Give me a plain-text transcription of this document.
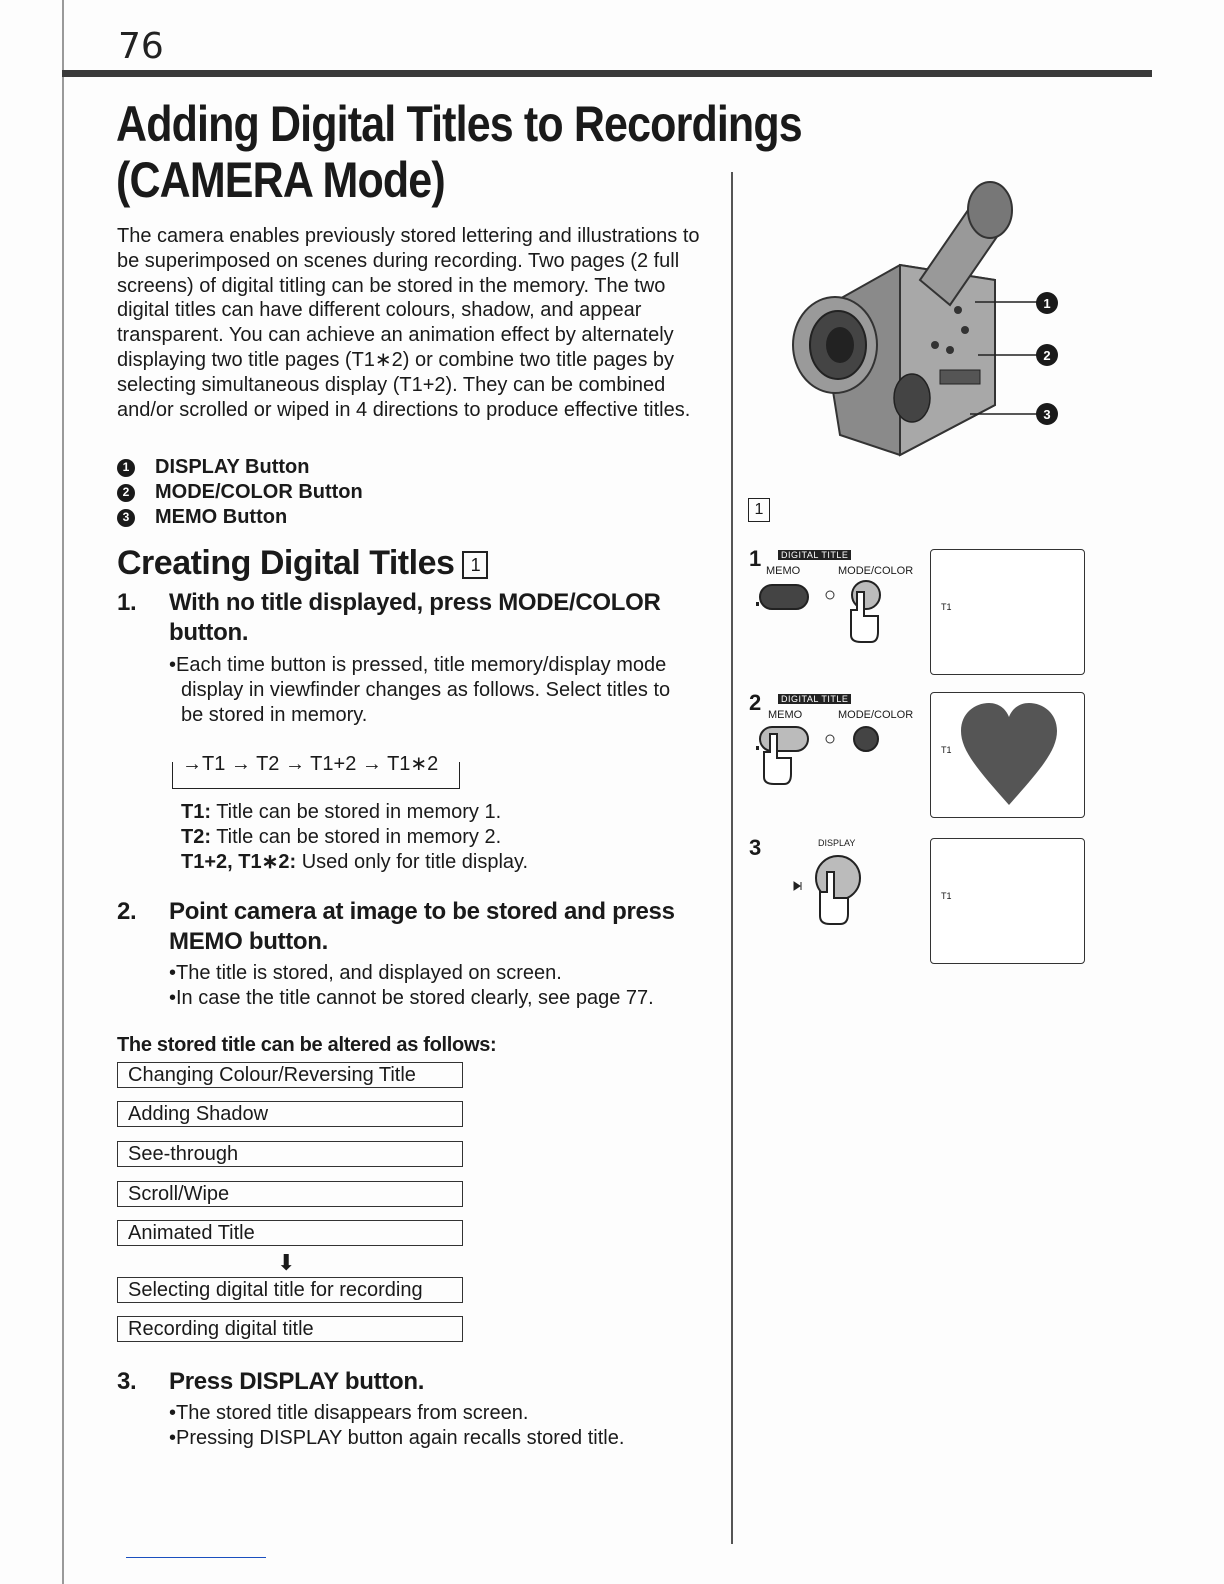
76
Adding Digital Titles to Recordings
(CAMERA Mode)
The camera enables previously stored lettering and illustrations to be superimposed on scenes during recording. Two pages (2 full screens) of digital titling can be stored in the memory. The two digital titles can have different colours, shadow, and appear transparent. You can achieve an animation effect by alternately displaying two title pages (T1∗2) or combine two title pages by selecting simultaneous display (T1+2). They can be combined and/or scrolled or wiped in 4 directions to produce effective titles.
1 DISPLAY Button
2 MODE/COLOR Button
3 MEMO Button
Creating Digital Titles 1
1. With no title displayed, press MODE/COLOR
button.
•Each time button is pressed, title memory/display mode
display in viewfinder changes as follows. Select titles to
be stored in memory.
→T1 → T2 → T1+2 → T1∗2
T1: Title can be stored in memory 1.
T2: Title can be stored in memory 2.
T1+2, T1∗2: Used only for title display.
2. Point camera at image to be stored and press
MEMO button.
•The title is stored, and displayed on screen.
•In case the title cannot be stored clearly, see page 77.
The stored title can be altered as follows:
Changing Colour/Reversing Title
Adding Shadow
See-through
Scroll/Wipe
Animated Title
⬇
Selecting digital title for recording
Recording digital title
3. Press DISPLAY button.
•The stored title disappears from screen.
•Pressing DISPLAY button again recalls stored title.
1
2
3
1
1	DIGITAL TITLE
MEMO	MODE/COLOR
T1
2	DIGITAL TITLE
MEMO	MODE/COLOR
T1
3	DISPLAY
T1
